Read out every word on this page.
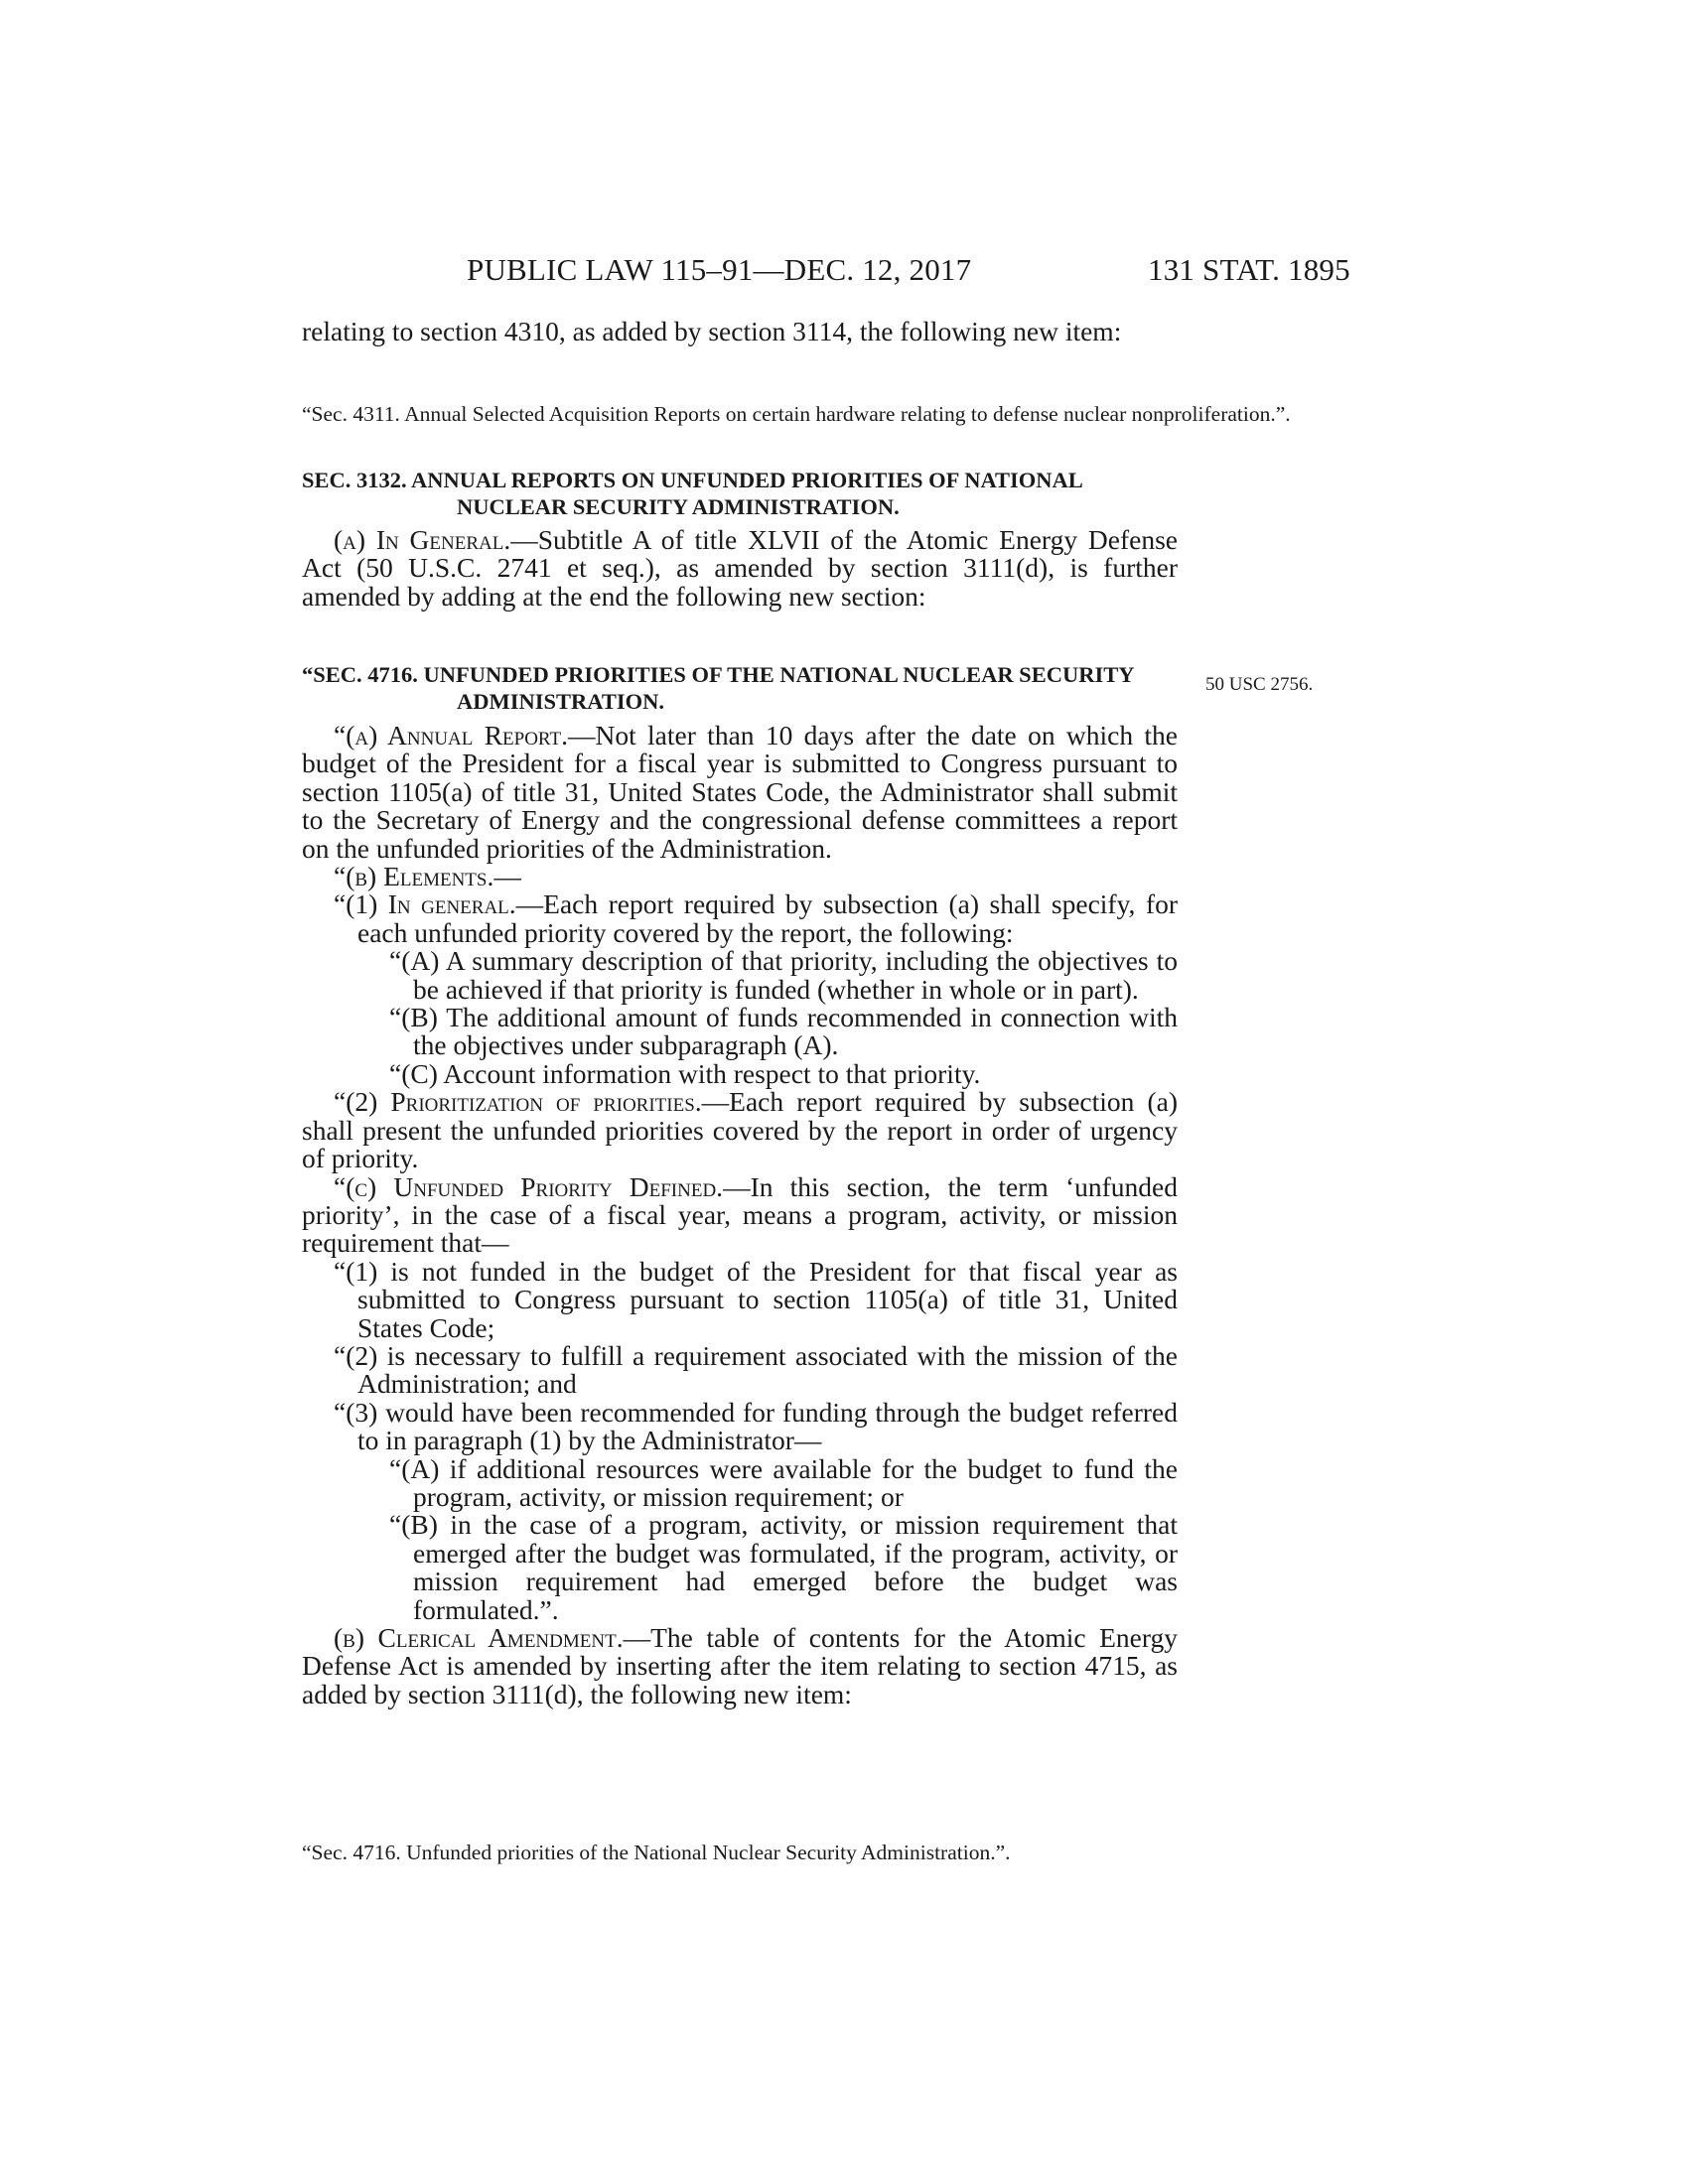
PUBLIC LAW 115–91—DEC. 12, 2017	131 STAT. 1895

relating to section 4310, as added by section 3114, the following new item:

“Sec. 4311. Annual Selected Acquisition Reports on certain hardware relating to defense nuclear nonproliferation.”.
SEC. 3132. ANNUAL REPORTS ON UNFUNDED PRIORITIES OF NATIONAL NUCLEAR SECURITY ADMINISTRATION.

(a) In General.—Subtitle A of title XLVII of the Atomic Energy Defense Act (50 U.S.C. 2741 et seq.), as amended by section 3111(d), is further amended by adding at the end the following new section:

“SEC. 4716. UNFUNDED PRIORITIES OF THE NATIONAL NUCLEAR SECURITY ADMINISTRATION.
50 USC 2756.

“(a) Annual Report.—Not later than 10 days after the date on which the budget of the President for a fiscal year is submitted to Congress pursuant to section 1105(a) of title 31, United States Code, the Administrator shall submit to the Secretary of Energy and the congressional defense committees a report on the unfunded priorities of the Administration.

“(b) Elements.—

“(1) In general.—Each report required by subsection (a) shall specify, for each unfunded priority covered by the report, the following:

“(A) A summary description of that priority, including the objectives to be achieved if that priority is funded (whether in whole or in part).

“(B) The additional amount of funds recommended in connection with the objectives under subparagraph (A).

“(C) Account information with respect to that priority.

“(2) Prioritization of priorities.—Each report required by subsection (a) shall present the unfunded priorities covered by the report in order of urgency of priority.

“(c) Unfunded Priority Defined.—In this section, the term ‘unfunded priority’, in the case of a fiscal year, means a program, activity, or mission requirement that—

“(1) is not funded in the budget of the President for that fiscal year as submitted to Congress pursuant to section 1105(a) of title 31, United States Code;

“(2) is necessary to fulfill a requirement associated with the mission of the Administration; and

“(3) would have been recommended for funding through the budget referred to in paragraph (1) by the Administrator—

“(A) if additional resources were available for the budget to fund the program, activity, or mission requirement; or

“(B) in the case of a program, activity, or mission requirement that emerged after the budget was formulated, if the program, activity, or mission requirement had emerged before the budget was formulated.”.

(b) Clerical Amendment.—The table of contents for the Atomic Energy Defense Act is amended by inserting after the item relating to section 4715, as added by section 3111(d), the following new item:

“Sec. 4716. Unfunded priorities of the National Nuclear Security Administration.”.
